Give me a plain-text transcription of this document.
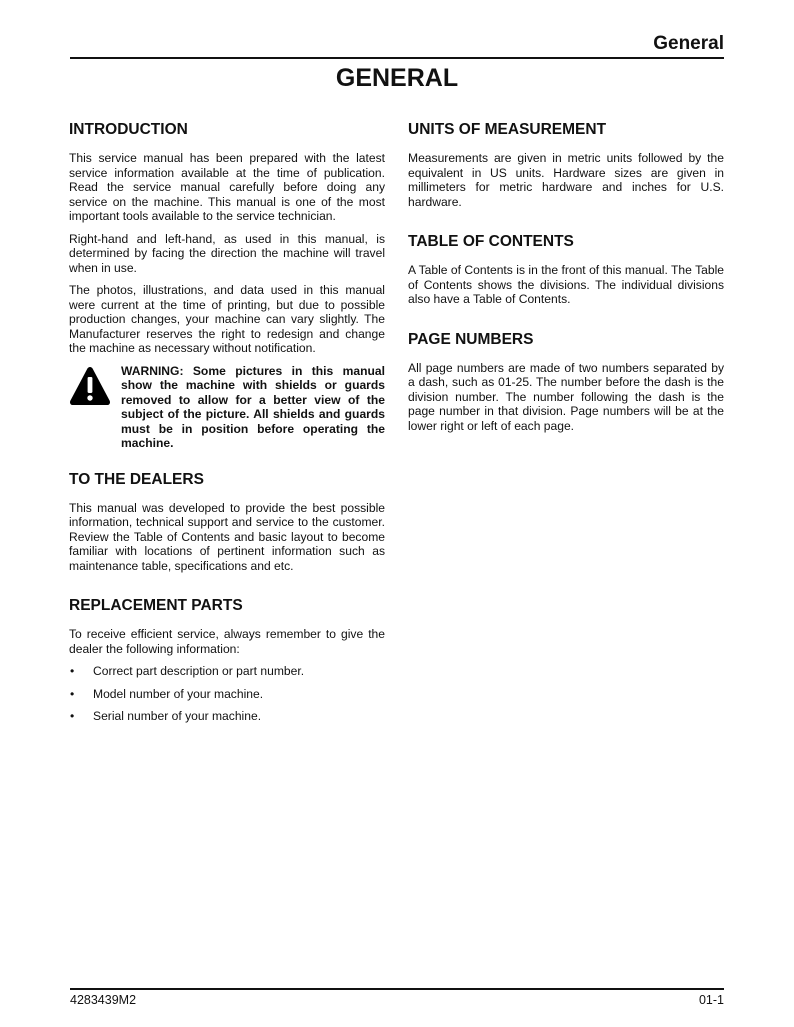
General
GENERAL
INTRODUCTION

This service manual has been prepared with the latest service information available at the time of publication. Read the service manual carefully before doing any service on the machine. This manual is one of the most important tools available to the service technician.

Right-hand and left-hand, as used in this manual, is determined by facing the direction the machine will travel when in use.

The photos, illustrations, and data used in this manual were current at the time of printing, but due to possible production changes, your machine can vary slightly. The Manufacturer reserves the right to redesign and change the machine as necessary without notification.

WARNING: Some pictures in this manual show the machine with shields or guards removed to allow for a better view of the subject of the picture. All shields and guards must be in position before operating the machine.
TO THE DEALERS

This manual was developed to provide the best possible information, technical support and service to the customer. Review the Table of Contents and basic layout to become familiar with locations of pertinent information such as maintenance table, specifications and etc.

REPLACEMENT PARTS

To receive efficient service, always remember to give the dealer the following information:

• Correct part description or part number.
• Model number of your machine.
• Serial number of your machine.
UNITS OF MEASUREMENT

Measurements are given in metric units followed by the equivalent in US units. Hardware sizes are given in millimeters for metric hardware and inches for U.S. hardware.

TABLE OF CONTENTS

A Table of Contents is in the front of this manual. The Table of Contents shows the divisions. The individual divisions also have a Table of Contents.

PAGE NUMBERS

All page numbers are made of two numbers separated by a dash, such as 01-25. The number before the dash is the division number. The number following the dash is the page number in that division. Page numbers will be at the lower right or left of each page.

4283439M2	01-1
